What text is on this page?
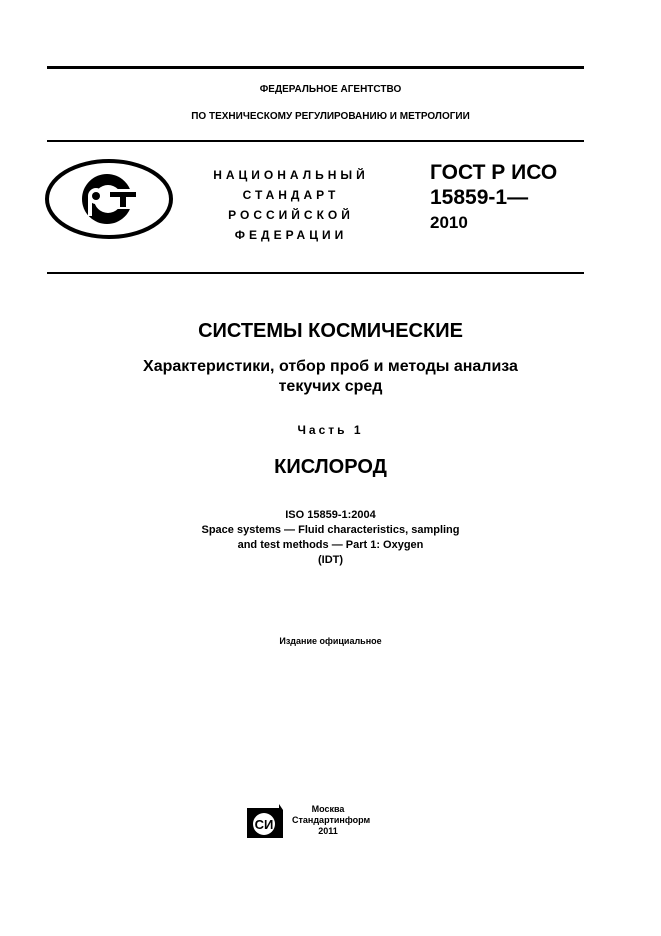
ФЕДЕРАЛЬНОЕ АГЕНТСТВО
ПО ТЕХНИЧЕСКОМУ РЕГУЛИРОВАНИЮ И МЕТРОЛОГИИ
НАЦИОНАЛЬНЫЙ
СТАНДАРТ
РОССИЙСКОЙ
ФЕДЕРАЦИИ
ГОСТ Р ИСО
15859-1—
2010
СИСТЕМЫ КОСМИЧЕСКИЕ
Характеристики, отбор проб и методы анализа
текучих сред
Часть 1
КИСЛОРОД
ISO 15859-1:2004
Space systems — Fluid characteristics, sampling
and test methods — Part 1: Oxygen
(IDT)
Издание официальное
СИ
Москва
Стандартинформ
2011
